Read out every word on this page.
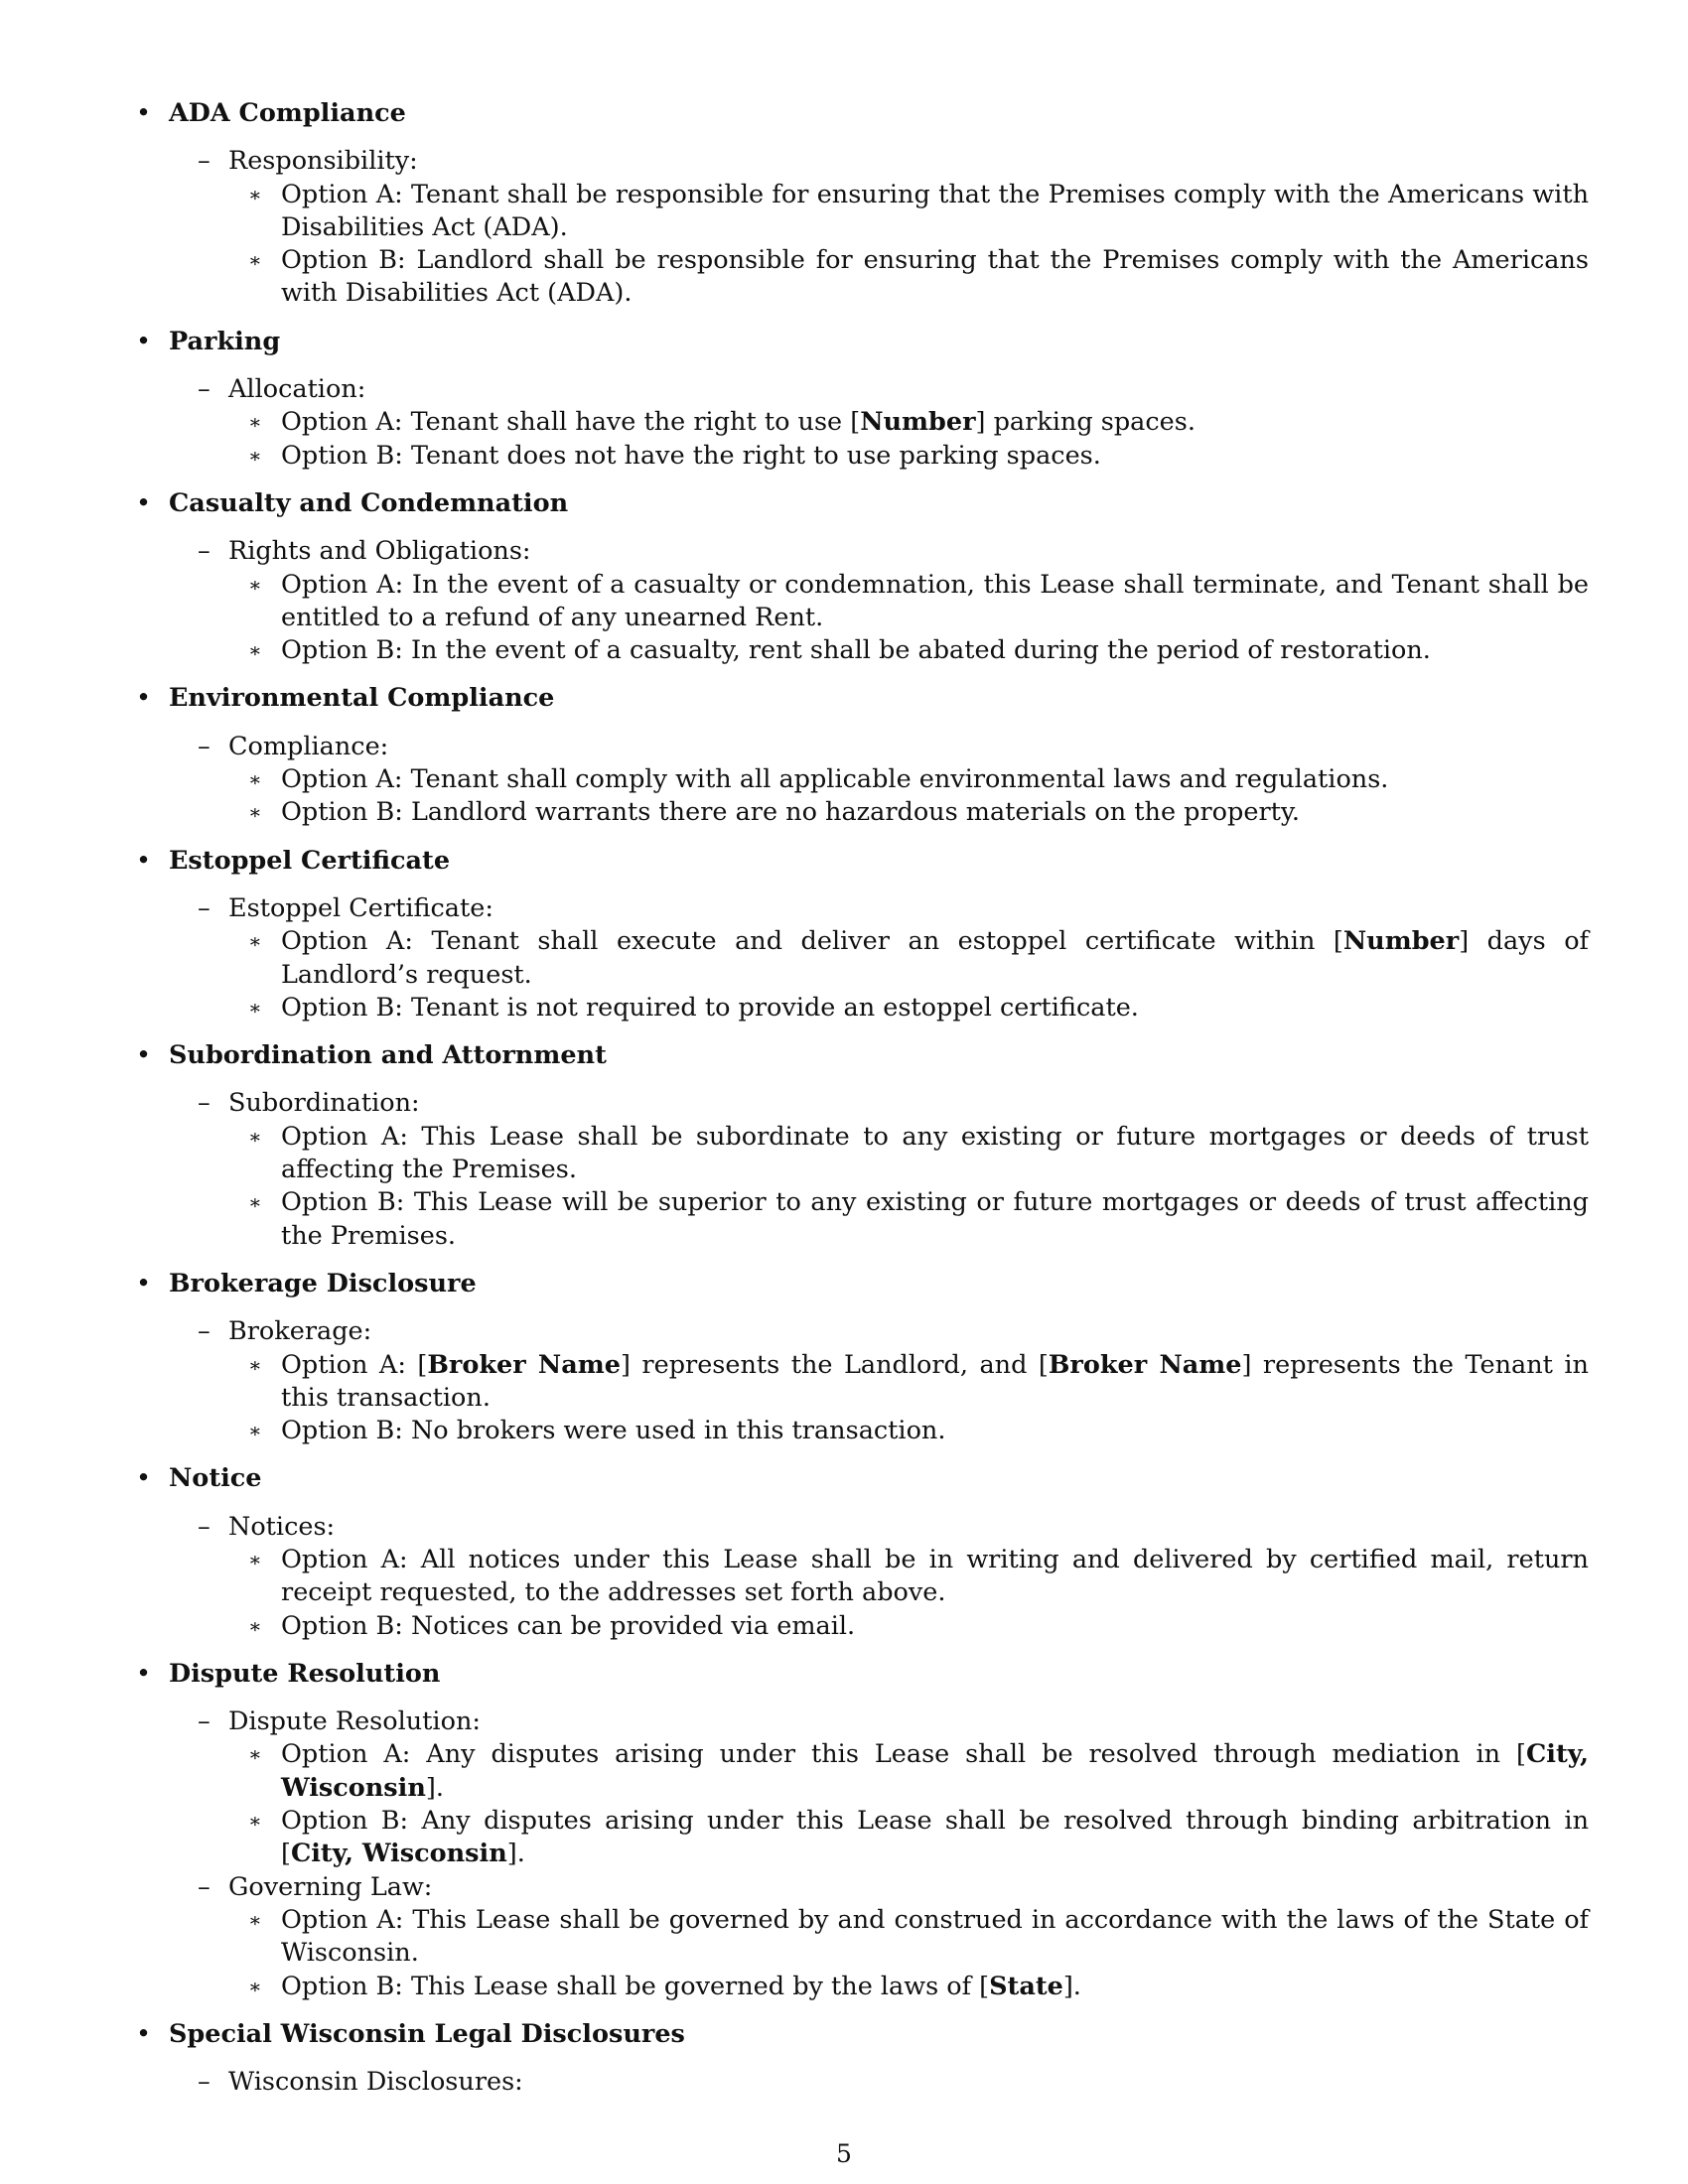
• ADA Compliance
– Responsibility:
∗ Option A: Tenant shall be responsible for ensuring that the Premises comply with the Americans with Disabilities Act (ADA).
∗ Option B: Landlord shall be responsible for ensuring that the Premises comply with the Americans with Disabilities Act (ADA).
• Parking
– Allocation:
∗ Option A: Tenant shall have the right to use [Number] parking spaces.
∗ Option B: Tenant does not have the right to use parking spaces.
• Casualty and Condemnation
– Rights and Obligations:
∗ Option A: In the event of a casualty or condemnation, this Lease shall terminate, and Tenant shall be entitled to a refund of any unearned Rent.
∗ Option B: In the event of a casualty, rent shall be abated during the period of restoration.
• Environmental Compliance
– Compliance:
∗ Option A: Tenant shall comply with all applicable environmental laws and regulations.
∗ Option B: Landlord warrants there are no hazardous materials on the property.
• Estoppel Certificate
– Estoppel Certificate:
∗ Option A: Tenant shall execute and deliver an estoppel certificate within [Number] days of Landlord’s request.
∗ Option B: Tenant is not required to provide an estoppel certificate.
• Subordination and Attornment
– Subordination:
∗ Option A: This Lease shall be subordinate to any existing or future mortgages or deeds of trust affecting the Premises.
∗ Option B: This Lease will be superior to any existing or future mortgages or deeds of trust affecting the Premises.
• Brokerage Disclosure
– Brokerage:
∗ Option A: [Broker Name] represents the Landlord, and [Broker Name] represents the Tenant in this transaction.
∗ Option B: No brokers were used in this transaction.
• Notice
– Notices:
∗ Option A: All notices under this Lease shall be in writing and delivered by certified mail, return receipt requested, to the addresses set forth above.
∗ Option B: Notices can be provided via email.
• Dispute Resolution
– Dispute Resolution:
∗ Option A: Any disputes arising under this Lease shall be resolved through mediation in [City, Wisconsin].
∗ Option B: Any disputes arising under this Lease shall be resolved through binding arbitration in [City, Wisconsin].
– Governing Law:
∗ Option A: This Lease shall be governed by and construed in accordance with the laws of the State of Wisconsin.
∗ Option B: This Lease shall be governed by the laws of [State].
• Special Wisconsin Legal Disclosures
– Wisconsin Disclosures:
5
